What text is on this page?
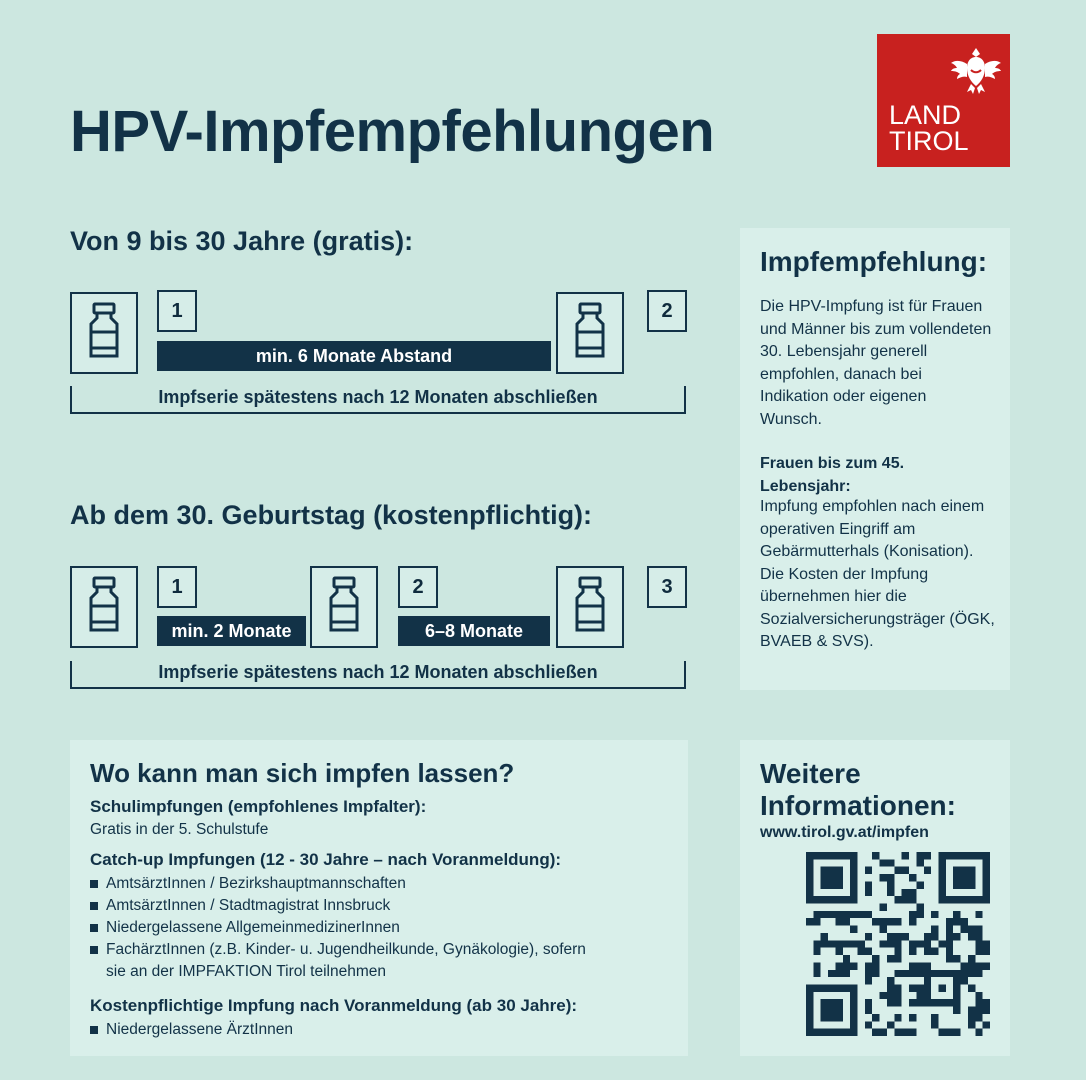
HPV-Impfempfehlungen	LAND
TIROL
Von 9 bis 30 Jahre (gratis):
1
min. 6 Monate Abstand
2
Impfserie spätestens nach 12 Monaten abschließen
Ab dem 30. Geburtstag (kostenpflichtig):
1
min. 2 Monate
2
6–8 Monate
3
Impfserie spätestens nach 12 Monaten abschließen
Impfempfehlung:
Die HPV-Impfung ist für Frauen und Männer bis zum vollendeten 30. Lebensjahr generell empfohlen, danach bei Indikation oder eigenen Wunsch.
Frauen bis zum 45. Lebensjahr:
Impfung empfohlen nach einem operativen Eingriff am Gebärmutterhals (Konisation). Die Kosten der Impfung übernehmen hier die Sozialversicherungsträger (ÖGK, BVAEB & SVS).
Wo kann man sich impfen lassen?
Schulimpfungen (empfohlenes Impfalter):
Gratis in der 5. Schulstufe
Catch-up Impfungen (12 - 30 Jahre – nach Voranmeldung):
AmtsärztInnen / Bezirkshauptmannschaften
AmtsärztInnen / Stadtmagistrat Innsbruck
Niedergelassene AllgemeinmedizinerInnen
FachärztInnen (z.B. Kinder- u. Jugendheilkunde, Gynäkologie), sofern sie an der IMPFAKTION Tirol teilnehmen
Kostenpflichtige Impfung nach Voranmeldung (ab 30 Jahre):
Niedergelassene ÄrztInnen
Weitere
Informationen:
www.tirol.gv.at/impfen
